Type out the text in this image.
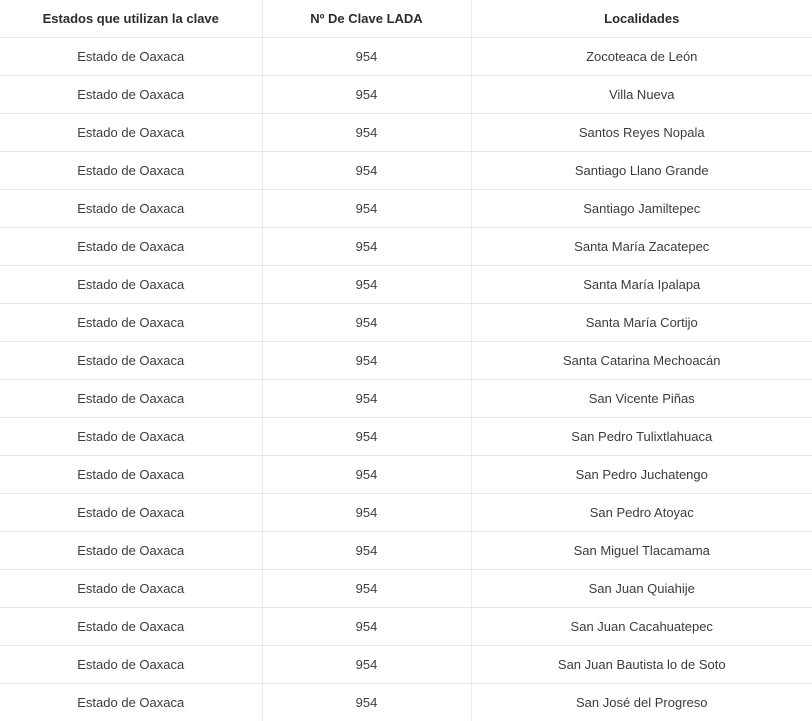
Estados que utilizan la clave	Nº De Clave LADA	Localidades
Estado de Oaxaca	954	Zocoteaca de León
Estado de Oaxaca	954	Villa Nueva
Estado de Oaxaca	954	Santos Reyes Nopala
Estado de Oaxaca	954	Santiago Llano Grande
Estado de Oaxaca	954	Santiago Jamiltepec
Estado de Oaxaca	954	Santa María Zacatepec
Estado de Oaxaca	954	Santa María Ipalapa
Estado de Oaxaca	954	Santa María Cortijo
Estado de Oaxaca	954	Santa Catarina Mechoacán
Estado de Oaxaca	954	San Vicente Piñas
Estado de Oaxaca	954	San Pedro Tulixtlahuaca
Estado de Oaxaca	954	San Pedro Juchatengo
Estado de Oaxaca	954	San Pedro Atoyac
Estado de Oaxaca	954	San Miguel Tlacamama
Estado de Oaxaca	954	San Juan Quiahije
Estado de Oaxaca	954	San Juan Cacahuatepec
Estado de Oaxaca	954	San Juan Bautista lo de Soto
Estado de Oaxaca	954	San José del Progreso
